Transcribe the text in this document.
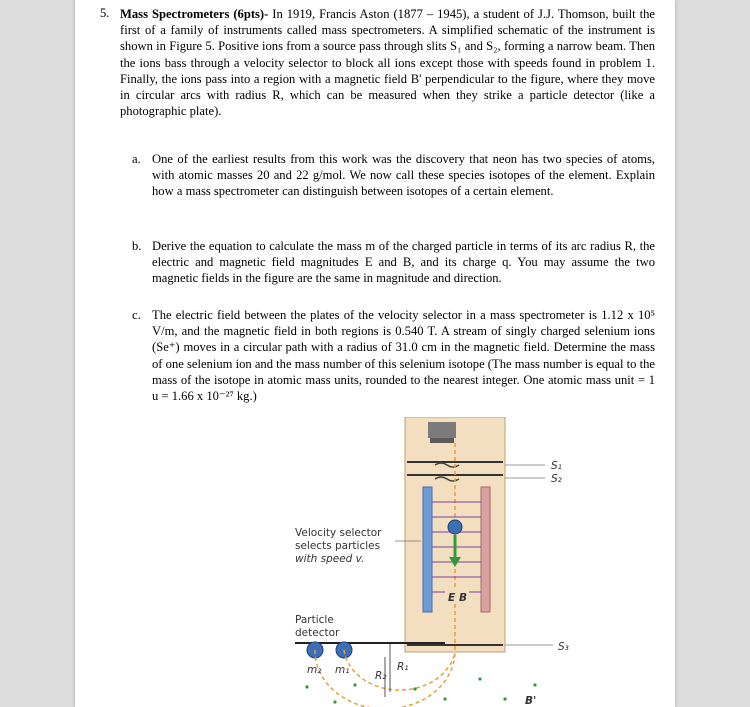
5. Mass Spectrometers (6pts)- In 1919, Francis Aston (1877 – 1945), a student of J.J. Thomson, built the first of a family of instruments called mass spectrometers. A simplified schematic of the instrument is shown in Figure 5. Positive ions from a source pass through slits S₁ and S₂, forming a narrow beam. Then the ions bass through a velocity selector to block all ions except those with speeds found in problem 1. Finally, the ions pass into a region with a magnetic field B' perpendicular to the figure, where they move in circular arcs with radius R, which can be measured when they strike a particle detector (like a photographic plate).
a. One of the earliest results from this work was the discovery that neon has two species of atoms, with atomic masses 20 and 22 g/mol. We now call these species isotopes of the element. Explain how a mass spectrometer can distinguish between isotopes of a certain element.
b. Derive the equation to calculate the mass m of the charged particle in terms of its arc radius R, the electric and magnetic field magnitudes E and B, and its charge q. You may assume the two magnetic fields in the figure are the same in magnitude and direction.
c. The electric field between the plates of the velocity selector in a mass spectrometer is 1.12 x 10⁵ V/m, and the magnetic field in both regions is 0.540 T. A stream of singly charged selenium ions (Se⁺) moves in a circular path with a radius of 31.0 cm in the magnetic field. Determine the mass of one selenium ion and the mass number of this selenium isotope (The mass number is equal to the mass of the isotope in atomic mass units, rounded to the nearest integer. One atomic mass unit = 1 u = 1.66 x 10⁻²⁷ kg.)
S₁
S₂
E B
S₃
Velocity selector
selects particles
with speed v.
Particle
detector
R₁
R₂
m₂ m₁
B'
